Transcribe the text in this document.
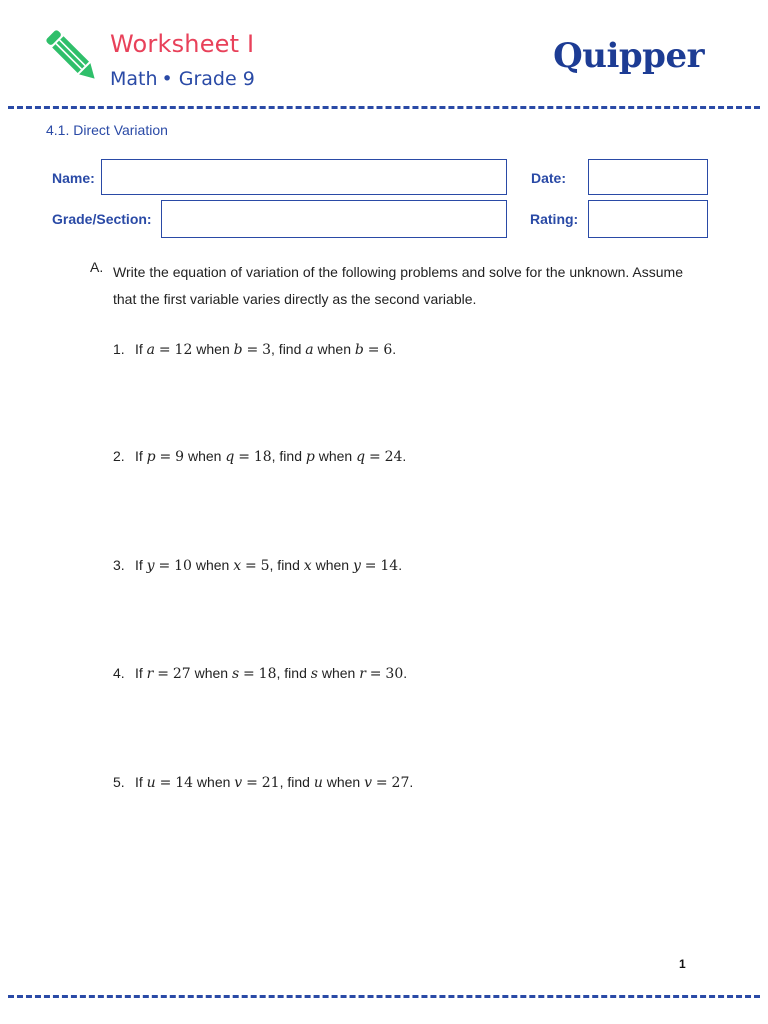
Worksheet I
Math • Grade 9
Quipper
4.1. Direct Variation
Name:	Date:
Grade/Section:	Rating:
A. Write the equation of variation of the following problems and solve for the unknown. Assume that the first variable varies directly as the second variable.
1. If a = 12 when b = 3, find a when b = 6.
2. If p = 9 when q = 18, find p when q = 24.
3. If y = 10 when x = 5, find x when y = 14.
4. If r = 27 when s = 18, find s when r = 30.
5. If u = 14 when v = 21, find u when v = 27.
1
